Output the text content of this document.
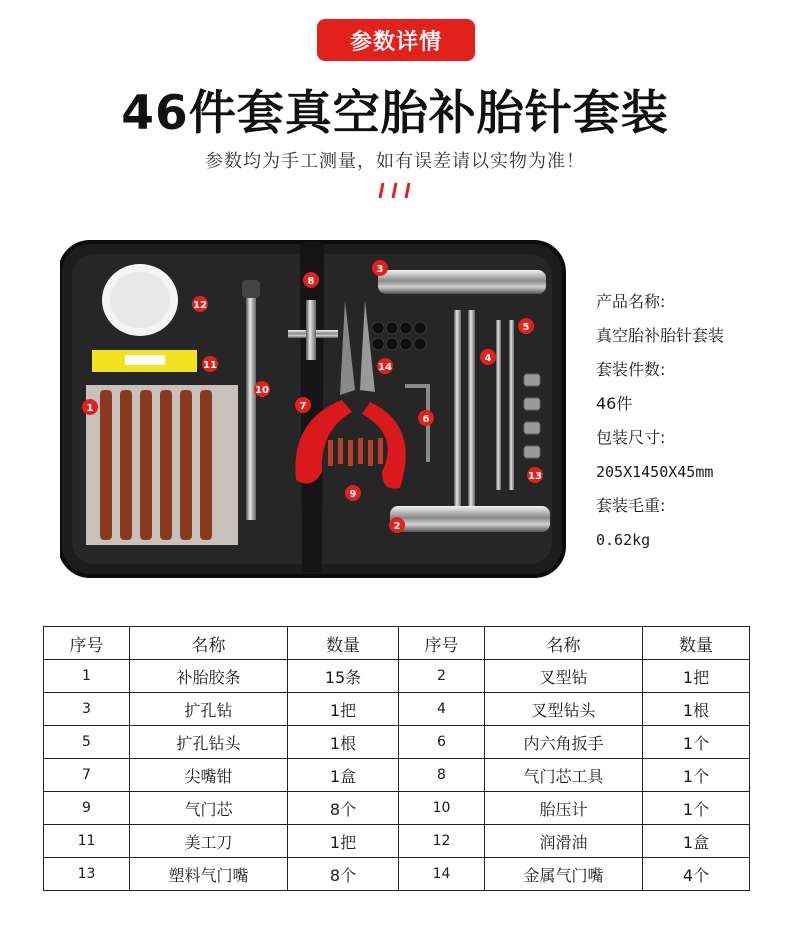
参数详情
46件套真空胎补胎针套装
参数均为手工测量，如有误差请以实物为准！
1
2
3
4
5
6
7
8
9
10
11
12
13
14
产品名称:
真空胎补胎针套装
套装件数:
46件
包装尺寸:
205X1450X45mm
套装毛重:
0.62kg
序号	名称	数量	序号	名称	数量
1	补胎胶条	15条	2	叉型钻	1把
3	扩孔钻	1把	4	叉型钻头	1根
5	扩孔钻头	1根	6	内六角扳手	1个
7	尖嘴钳	1盒	8	气门芯工具	1个
9	气门芯	8个	10	胎压计	1个
11	美工刀	1把	12	润滑油	1盒
13	塑料气门嘴	8个	14	金属气门嘴	4个
